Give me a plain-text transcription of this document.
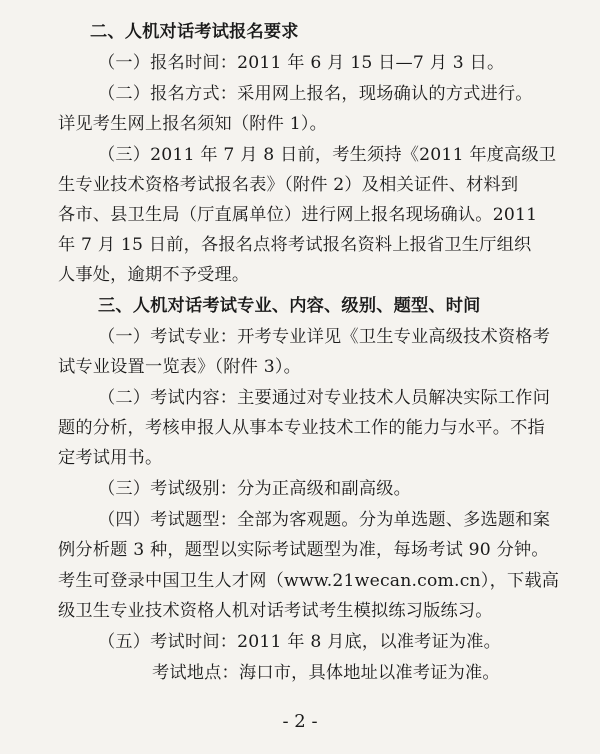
二、人机对话考试报名要求
（一）报名时间：2011 年 6 月 15 日—7 月 3 日。
（二）报名方式：采用网上报名，现场确认的方式进行。
详见考生网上报名须知（附件 1）。
（三）2011 年 7 月 8 日前，考生须持《2011 年度高级卫
生专业技术资格考试报名表》（附件 2）及相关证件、材料到
各市、县卫生局（厅直属单位）进行网上报名现场确认。2011
年 7 月 15 日前，各报名点将考试报名资料上报省卫生厅组织
人事处，逾期不予受理。
三、人机对话考试专业、内容、级别、题型、时间
（一）考试专业：开考专业详见《卫生专业高级技术资格考
试专业设置一览表》（附件 3）。
（二）考试内容：主要通过对专业技术人员解决实际工作问
题的分析，考核申报人从事本专业技术工作的能力与水平。不指
定考试用书。
（三）考试级别：分为正高级和副高级。
（四）考试题型：全部为客观题。分为单选题、多选题和案
例分析题 3 种，题型以实际考试题型为准，每场考试 90 分钟。
考生可登录中国卫生人才网（www.21wecan.com.cn），下载高
级卫生专业技术资格人机对话考试考生模拟练习版练习。
（五）考试时间：2011 年 8 月底，以准考证为准。
考试地点：海口市，具体地址以准考证为准。
- 2 -
